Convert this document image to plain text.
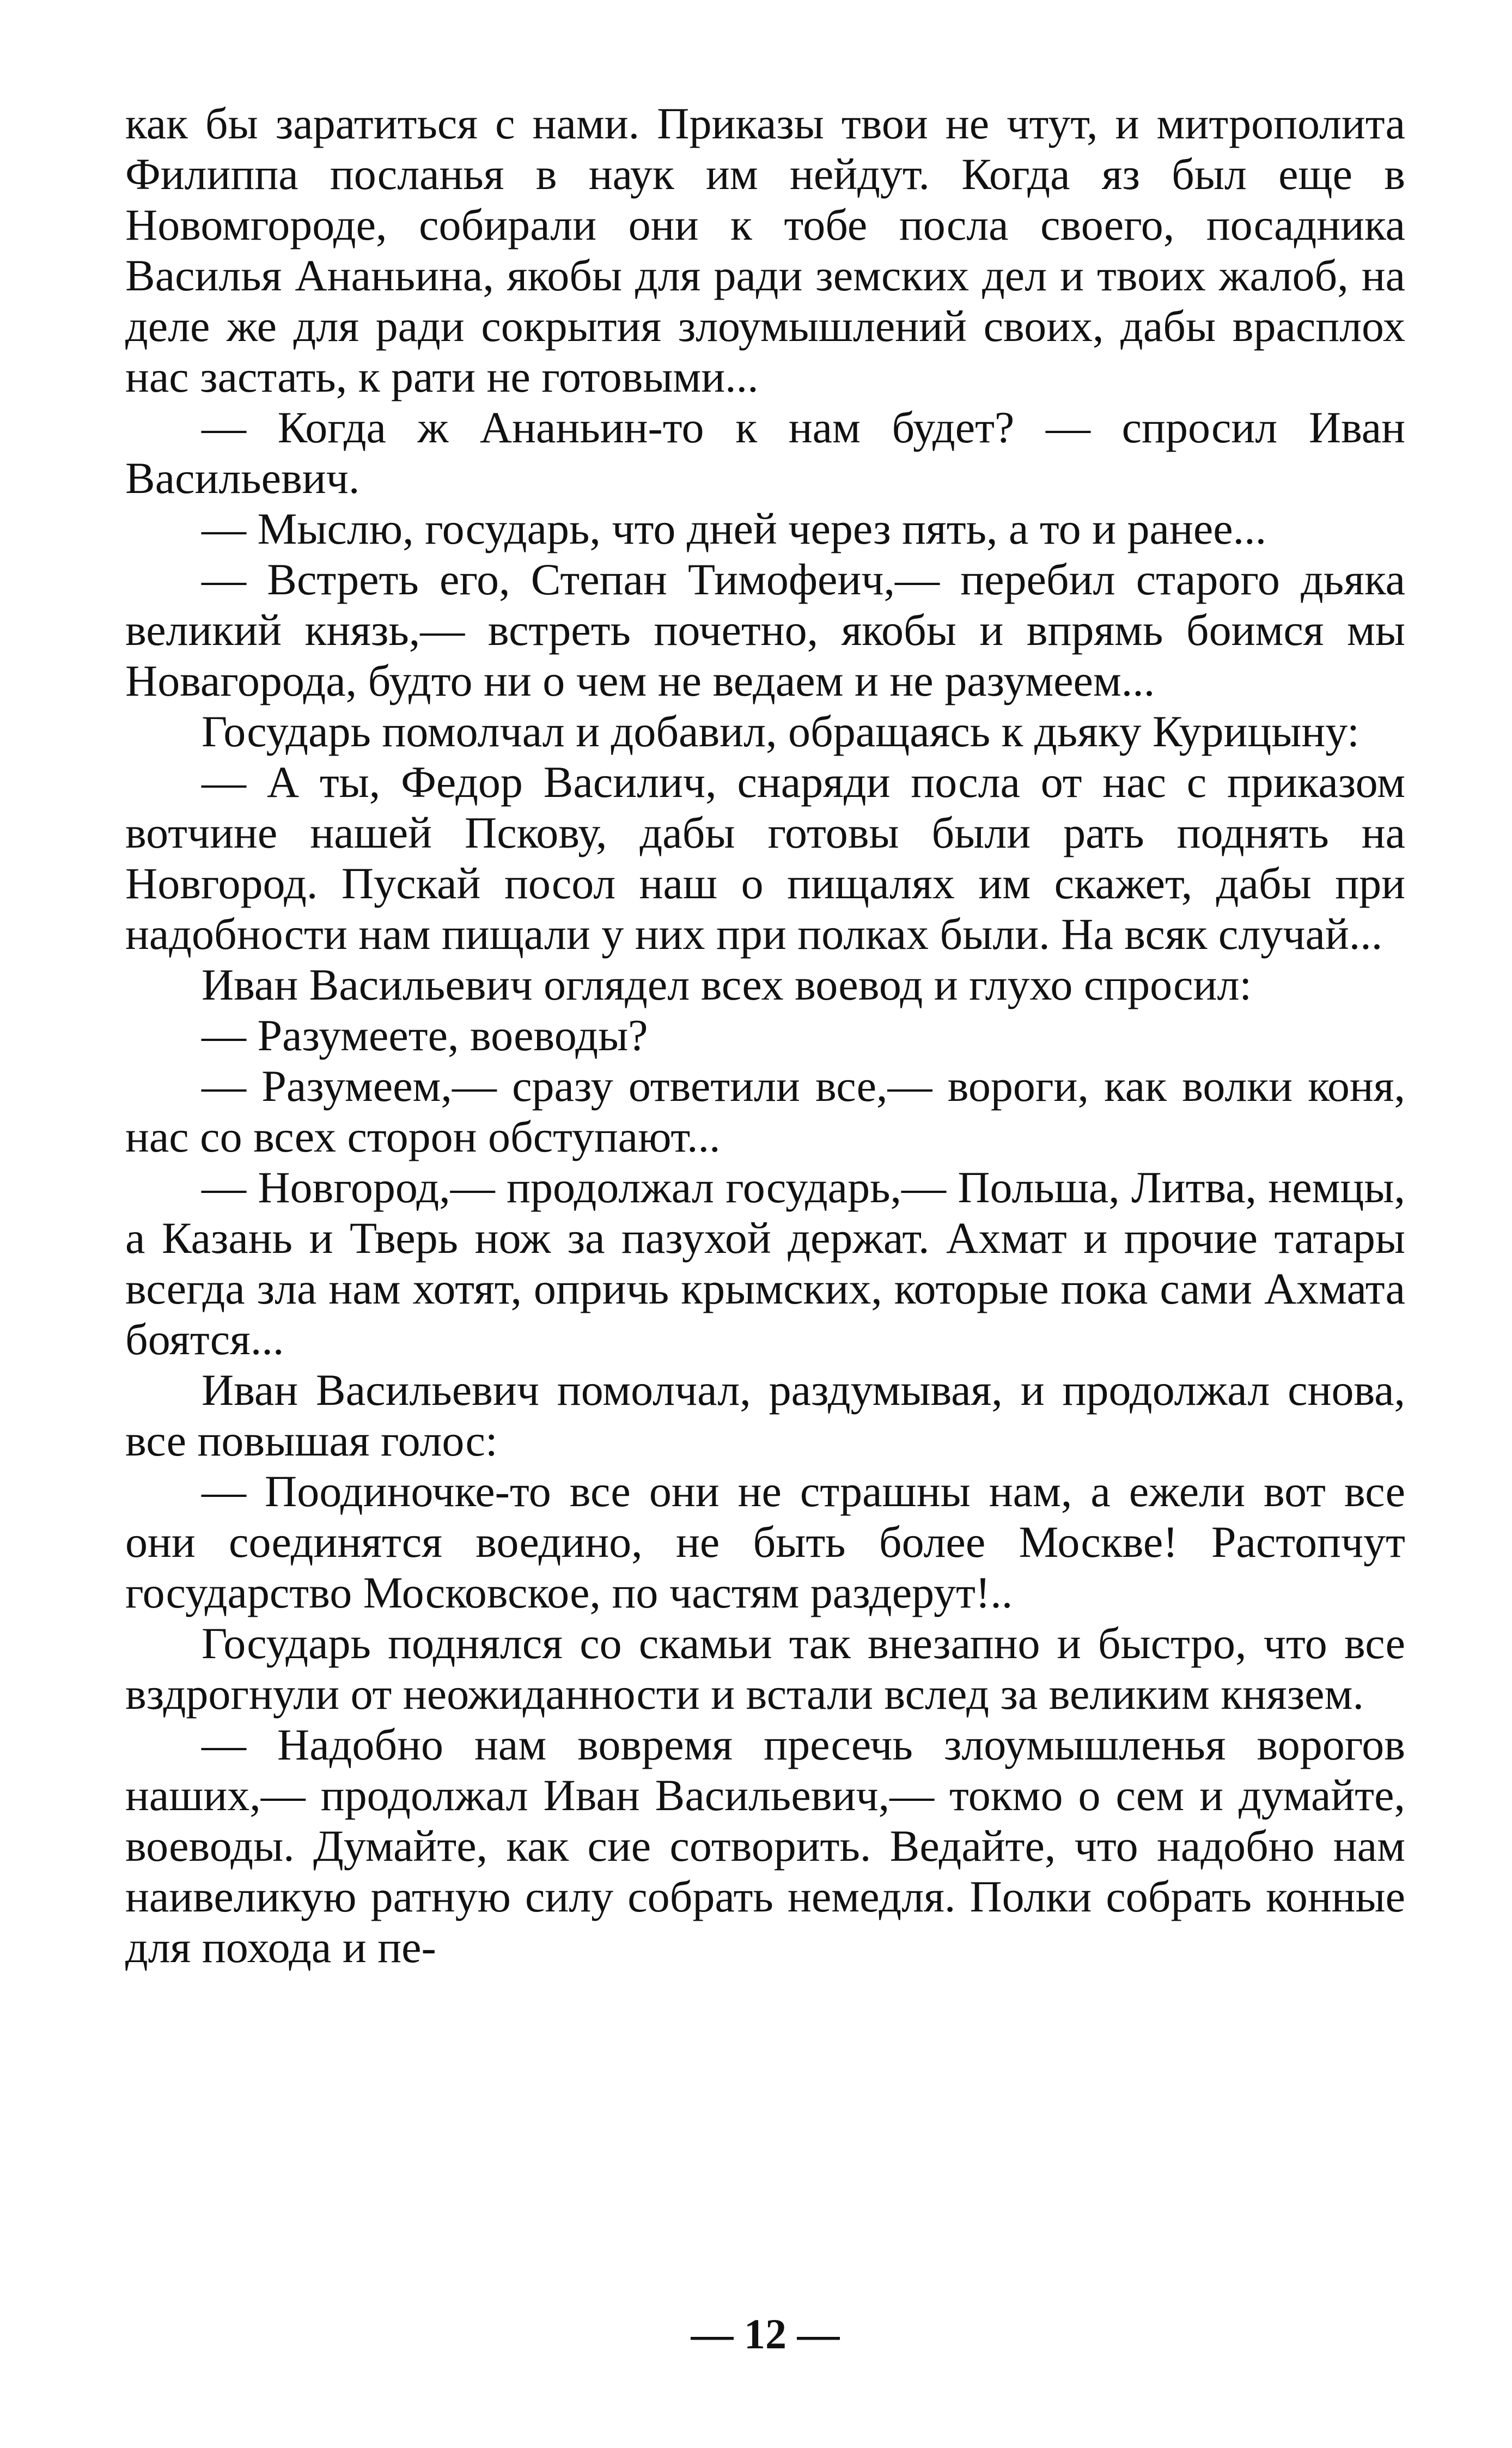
как бы заратиться с нами. Приказы твои не чтут, и митрополита Филиппа посланья в наук им нейдут. Когда яз был еще в Новомгороде, собирали они к тобе посла своего, посадника Василья Ананьина, якобы для ради земских дел и твоих жалоб, на деле же для ради сокрытия злоумышлений своих, дабы врасплох нас застать, к рати не готовыми...

— Когда ж Ананьин-то к нам будет? — спросил Иван Васильевич.

— Мыслю, государь, что дней через пять, а то и ранее...

— Встреть его, Степан Тимофеич,— перебил старого дьяка великий князь,— встреть почетно, якобы и впрямь боимся мы Новагорода, будто ни о чем не ведаем и не разумеем...

Государь помолчал и добавил, обращаясь к дьяку Курицыну:

— А ты, Федор Василич, снаряди посла от нас с приказом вотчине нашей Пскову, дабы готовы были рать поднять на Новгород. Пускай посол наш о пищалях им скажет, дабы при надобности нам пищали у них при полках были. На всяк случай...

Иван Васильевич оглядел всех воевод и глухо спросил:

— Разумеете, воеводы?

— Разумеем,— сразу ответили все,— вороги, как волки коня, нас со всех сторон обступают...

— Новгород,— продолжал государь,— Польша, Литва, немцы, а Казань и Тверь нож за пазухой держат. Ахмат и прочие татары всегда зла нам хотят, опричь крымских, которые пока сами Ахмата боятся...

Иван Васильевич помолчал, раздумывая, и продолжал снова, все повышая голос:

— Поодиночке-то все они не страшны нам, а ежели вот все они соединятся воедино, не быть более Москве! Растопчут государство Московское, по частям раздерут!..

Государь поднялся со скамьи так внезапно и быстро, что все вздрогнули от неожиданности и встали вслед за великим князем.

— Надобно нам вовремя пресечь злоумышленья ворогов наших,— продолжал Иван Васильевич,— токмо о сем и думайте, воеводы. Думайте, как сие сотворить. Ведайте, что надобно нам наивеликую ратную силу собрать немедля. Полки собрать конные для похода и пе-

— 12 —
